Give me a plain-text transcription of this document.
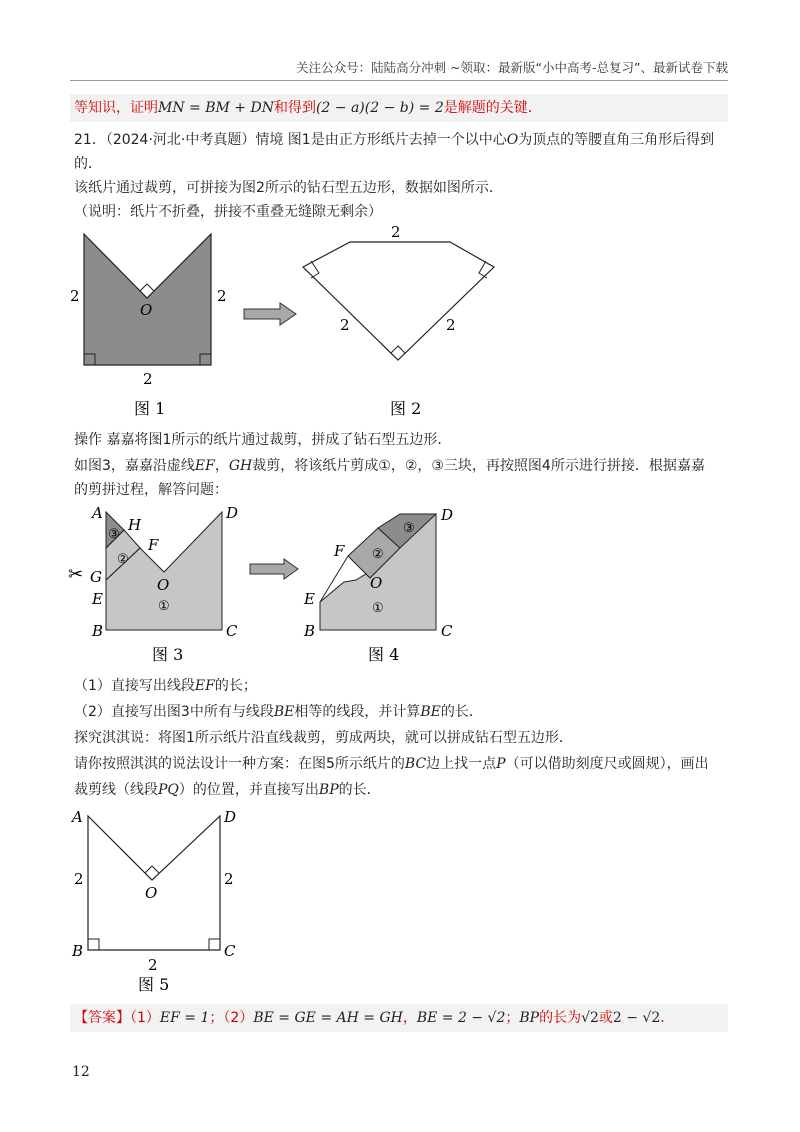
关注公众号：陆陆高分冲刺 ~领取：最新版“小中高考-总复习”、最新试卷下载
等知识，证明MN = BM + DN和得到(2 − a)(2 − b) = 2是解题的关键．
21．（2024·河北·中考真题）情境 图1是由正方形纸片去掉一个以中心O为顶点的等腰直角三角形后得到
的．
该纸片通过裁剪，可拼接为图2所示的钻石型五边形，数据如图所示．
（说明：纸片不折叠，拼接不重叠无缝隙无剩余）
2	2
2
O
图 1
2
2	2
图 2
操作 嘉嘉将图1所示的纸片通过裁剪，拼成了钻石型五边形．
如图3，嘉嘉沿虚线EF，GH裁剪，将该纸片剪成①，②，③三块，再按照图4所示进行拼接．根据嘉嘉
的剪拼过程，解答问题：
✂
A
H
F
G
E
O
D
B	C
③
②
①
图 3
F
E
O
D
B	C
③
②
①
图 4
（1）直接写出线段EF的长；
（2）直接写出图3中所有与线段BE相等的线段，并计算BE的长．
探究淇淇说：将图1所示纸片沿直线裁剪，剪成两块，就可以拼成钻石型五边形．
请你按照淇淇的说法设计一种方案：在图5所示纸片的BC边上找一点P（可以借助刻度尺或圆规），画出
裁剪线（线段PQ）的位置，并直接写出BP的长．
A	D
O
B	C
2	2
2
图 5
【答案】（1）EF = 1；（2）BE = GE = AH = GH，BE = 2 − √2；BP的长为√2或2 − √2．
12
